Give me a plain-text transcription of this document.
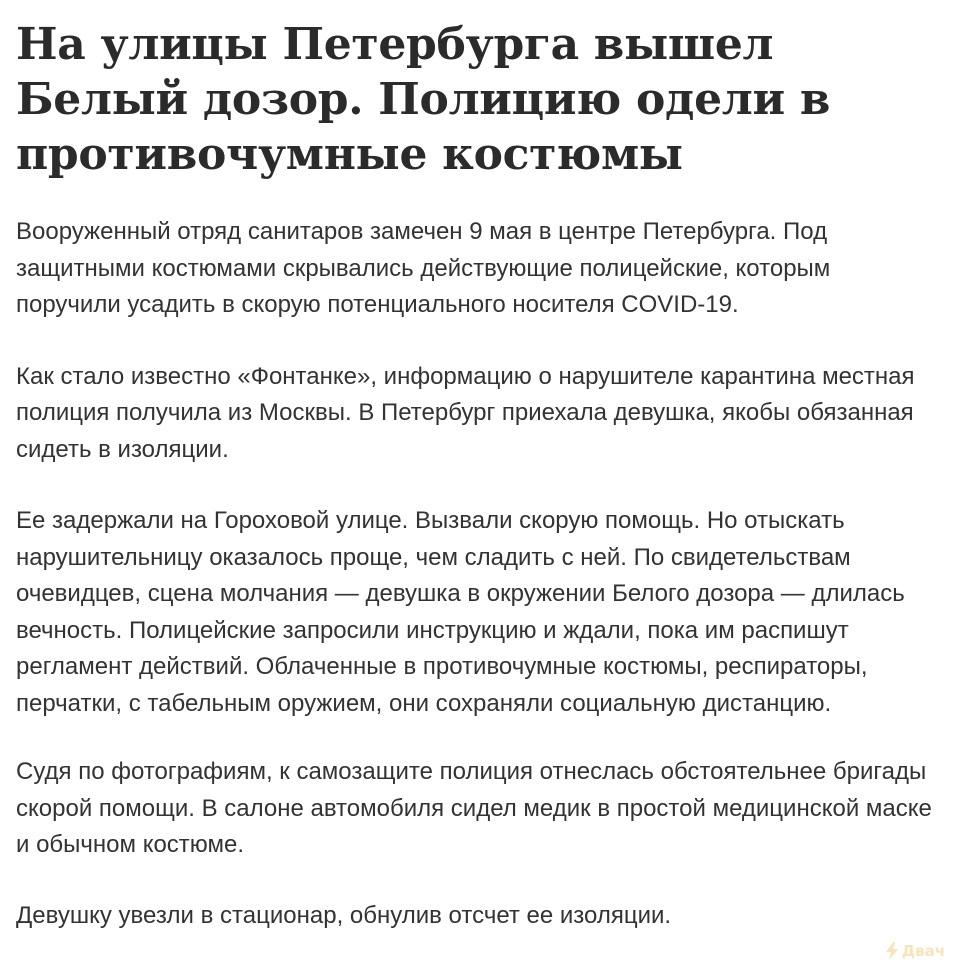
На улицы Петербурга вышел Белый дозор. Полицию одели в противочумные костюмы

Вооруженный отряд санитаров замечен 9 мая в центре Петербурга. Под защитными костюмами скрывались действующие полицейские, которым поручили усадить в скорую потенциального носителя COVID-19.

Как стало известно «Фонтанке», информацию о нарушителе карантина местная полиция получила из Москвы. В Петербург приехала девушка, якобы обязанная сидеть в изоляции.

Ее задержали на Гороховой улице. Вызвали скорую помощь. Но отыскать нарушительницу оказалось проще, чем сладить с ней. По свидетельствам очевидцев, сцена молчания — девушка в окружении Белого дозора — длилась вечность. Полицейские запросили инструкцию и ждали, пока им распишут регламент действий. Облаченные в противочумные костюмы, респираторы, перчатки, с табельным оружием, они сохраняли социальную дистанцию.

Судя по фотографиям, к самозащите полиция отнеслась обстоятельнее бригады скорой помощи. В салоне автомобиля сидел медик в простой медицинской маске и обычном костюме.

Девушку увезли в стационар, обнулив отсчет ее изоляции.

Двач
